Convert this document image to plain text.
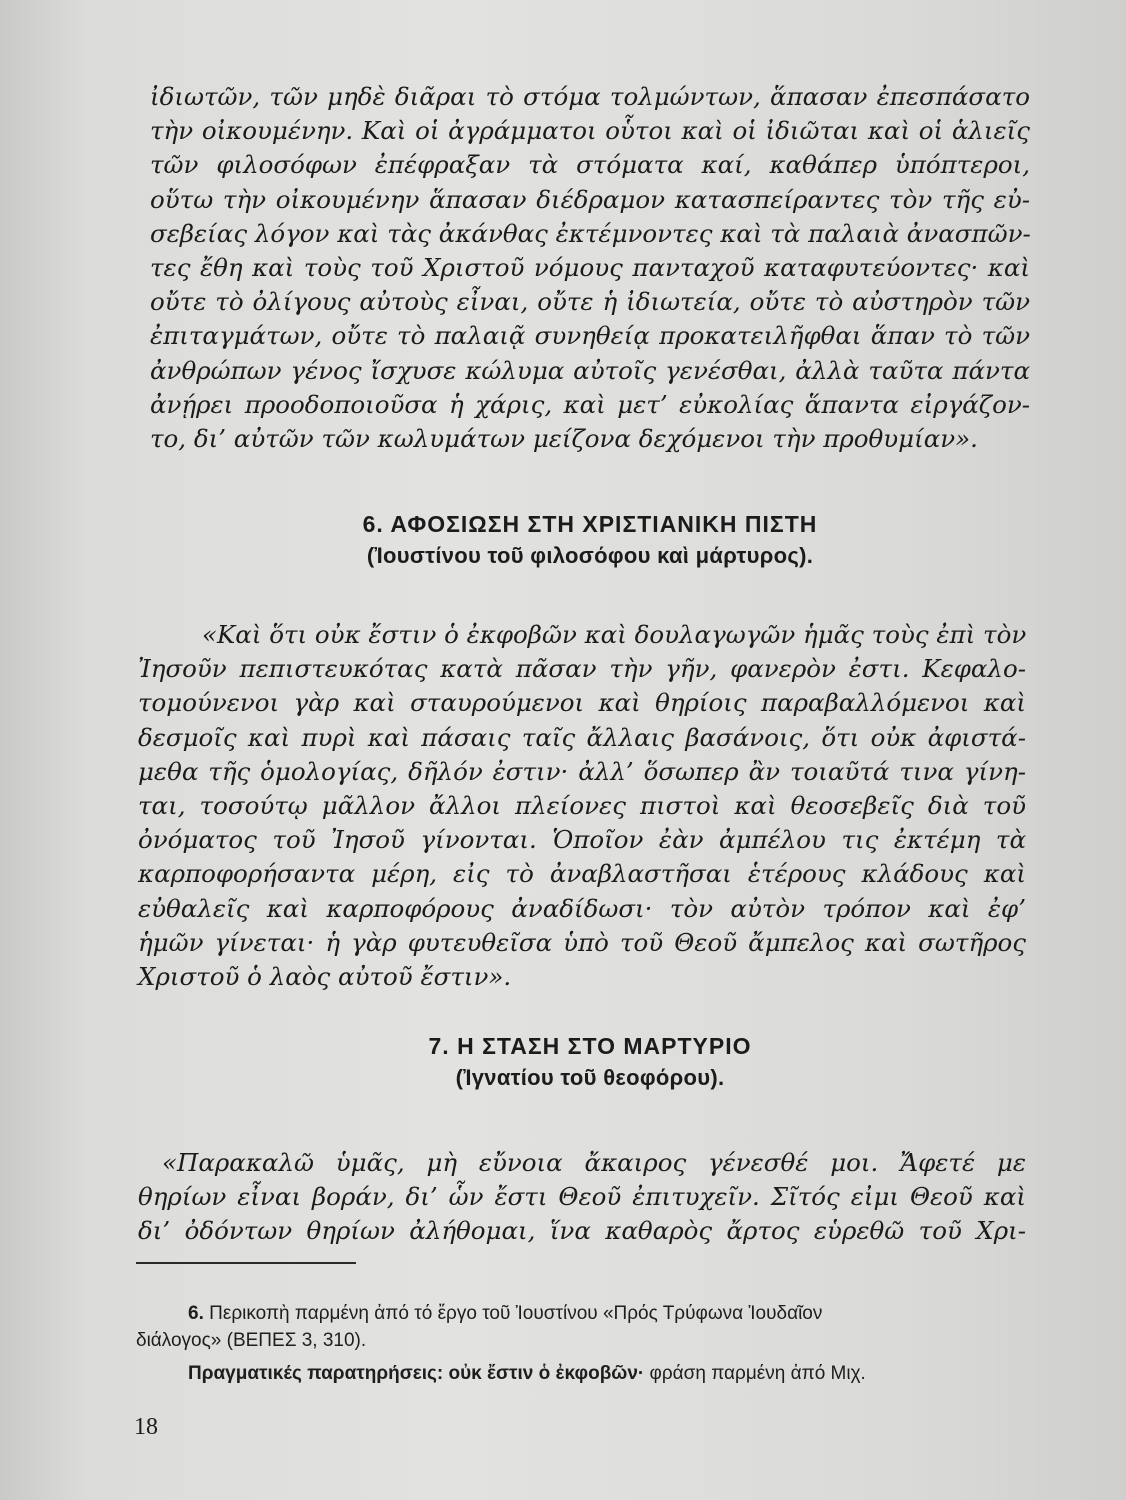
ἰδιωτῶν, τῶν μηδὲ διᾶραι τὸ στόμα τολμώντων, ἅπασαν ἐπεσπάσατο
τὴν οἰκουμένην. Καὶ οἱ ἀγράμματοι οὗτοι καὶ οἱ ἰδιῶται καὶ οἱ ἁλιεῖς
τῶν φιλοσόφων ἐπέφραξαν τὰ στόματα καί, καθάπερ ὑπόπτεροι,
οὕτω τὴν οἰκουμένην ἅπασαν διέδραμον κατασπείραντες τὸν τῆς εὐ-
σεβείας λόγον καὶ τὰς ἀκάνθας ἐκτέμνοντες καὶ τὰ παλαιὰ ἀνασπῶν-
τες ἔθη καὶ τοὺς τοῦ Χριστοῦ νόμους πανταχοῦ καταφυτεύοντες· καὶ
οὔτε τὸ ὀλίγους αὐτοὺς εἶναι, οὔτε ἡ ἰδιωτεία, οὔτε τὸ αὐστηρὸν τῶν
ἐπιταγμάτων, οὔτε τὸ παλαιᾷ συνηθείᾳ προκατειλῆφθαι ἅπαν τὸ τῶν
ἀνθρώπων γένος ἴσχυσε κώλυμα αὐτοῖς γενέσθαι, ἀλλὰ ταῦτα πάντα
ἀνῄρει προοδοποιοῦσα ἡ χάρις, καὶ μετ’ εὐκολίας ἅπαντα εἰργάζον-
το, δι’ αὐτῶν τῶν κωλυμάτων μείζονα δεχόμενοι τὴν προθυμίαν».
6. ΑΦΟΣΙΩΣΗ ΣΤΗ ΧΡΙΣΤΙΑΝΙΚΗ ΠΙΣΤΗ
(Ἰουστίνου τοῦ φιλοσόφου καὶ μάρτυρος).
«Καὶ ὅτι οὐκ ἔστιν ὁ ἐκφοβῶν καὶ δουλαγωγῶν ἡμᾶς τοὺς ἐπὶ τὸν
Ἰησοῦν πεπιστευκότας κατὰ πᾶσαν τὴν γῆν, φανερὸν ἐστι. Κεφαλο-
τομούνενοι γὰρ καὶ σταυρούμενοι καὶ θηρίοις παραβαλλόμενοι καὶ
δεσμοῖς καὶ πυρὶ καὶ πάσαις ταῖς ἄλλαις βασάνοις, ὅτι οὐκ ἀφιστά-
μεθα τῆς ὁμολογίας, δῆλόν ἐστιν· ἀλλ’ ὅσωπερ ἂν τοιαῦτά τινα γίνη-
ται, τοσούτῳ μᾶλλον ἄλλοι πλείονες πιστοὶ καὶ θεοσεβεῖς διὰ τοῦ
ὀνόματος τοῦ Ἰησοῦ γίνονται. Ὁποῖον ἐὰν ἀμπέλου τις ἐκτέμη τὰ
καρποφορήσαντα μέρη, εἰς τὸ ἀναβλαστῆσαι ἑτέρους κλάδους καὶ
εὐθαλεῖς καὶ καρποφόρους ἀναδίδωσι· τὸν αὐτὸν τρόπον καὶ ἐφ’
ἡμῶν γίνεται· ἡ γὰρ φυτευθεῖσα ὑπὸ τοῦ Θεοῦ ἄμπελος καὶ σωτῆρος
Χριστοῦ ὁ λαὸς αὐτοῦ ἔστιν».
7. Η ΣΤΑΣΗ ΣΤΟ ΜΑΡΤΥΡΙΟ
(Ἰγνατίου τοῦ θεοφόρου).
«Παρακαλῶ ὑμᾶς, μὴ εὔνοια ἄκαιρος γένεσθέ μοι. Ἄφετέ με
θηρίων εἶναι βοράν, δι’ ὧν ἔστι Θεοῦ ἐπιτυχεῖν. Σῖτός εἰμι Θεοῦ καὶ
δι’ ὀδόντων θηρίων ἀλήθομαι, ἵνα καθαρὸς ἄρτος εὑρεθῶ τοῦ Χρι-
6. Περικοπὴ παρμένη ἀπό τό ἔργο τοῦ Ἰουστίνου «Πρός Τρύφωνα Ἰουδαῖον
διάλογος» (ΒΕΠΕΣ 3, 310).
Πραγματικές παρατηρήσεις: οὐκ ἔστιν ὁ ἐκφοβῶν· φράση παρμένη ἀπό Μιχ.
18
